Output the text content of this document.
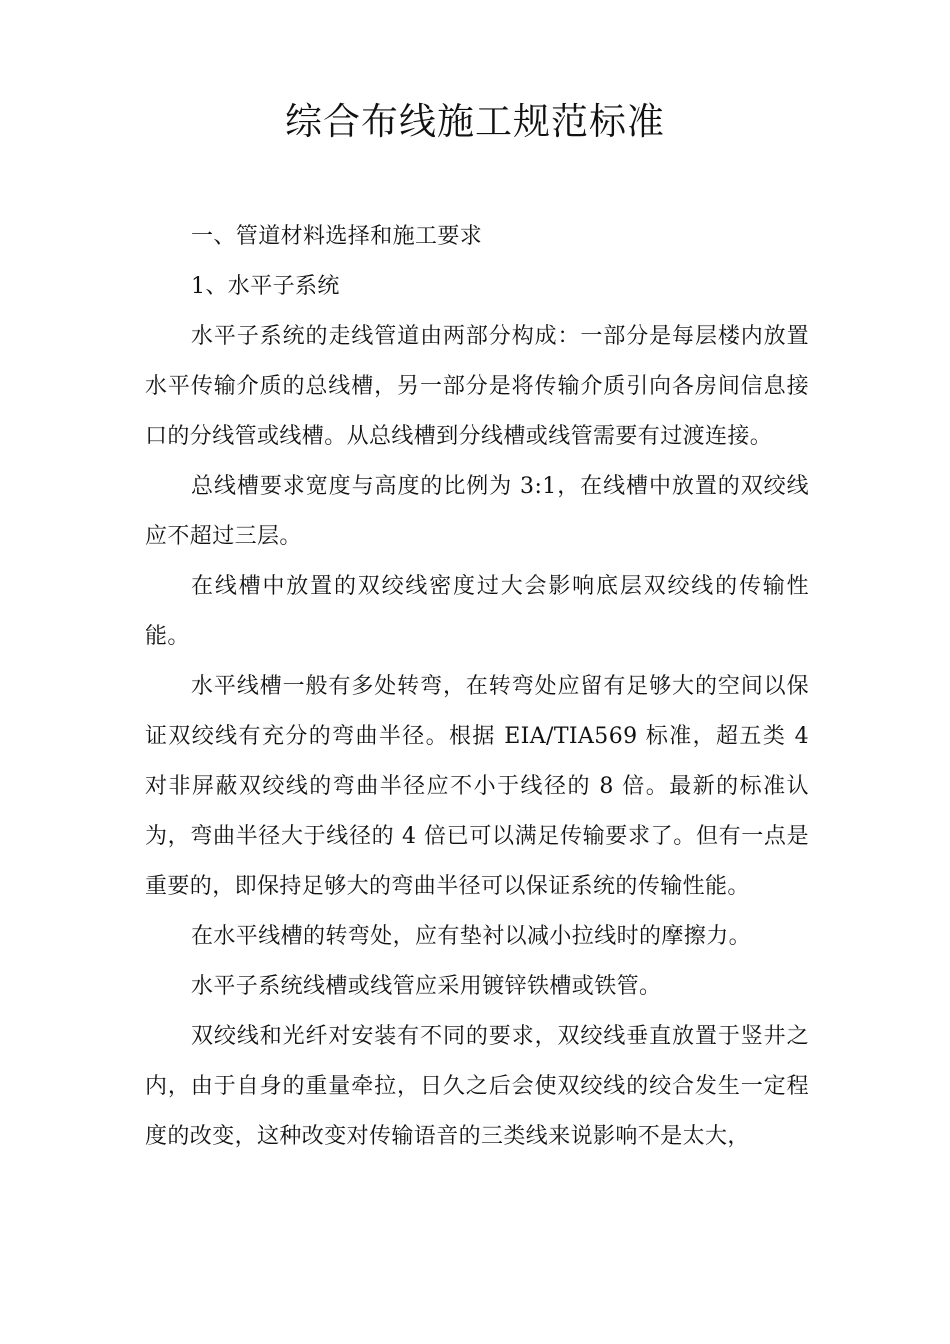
综合布线施工规范标准

一、管道材料选择和施工要求

1、水平子系统

水平子系统的走线管道由两部分构成：一部分是每层楼内放置水平传输介质的总线槽，另一部分是将传输介质引向各房间信息接口的分线管或线槽。从总线槽到分线槽或线管需要有过渡连接。

总线槽要求宽度与高度的比例为 3:1，在线槽中放置的双绞线应不超过三层。

在线槽中放置的双绞线密度过大会影响底层双绞线的传输性能。

水平线槽一般有多处转弯，在转弯处应留有足够大的空间以保证双绞线有充分的弯曲半径。根据 EIA/TIA569 标准，超五类 4 对非屏蔽双绞线的弯曲半径应不小于线径的 8 倍。最新的标准认为，弯曲半径大于线径的 4 倍已可以满足传输要求了。但有一点是重要的，即保持足够大的弯曲半径可以保证系统的传输性能。

在水平线槽的转弯处，应有垫衬以减小拉线时的摩擦力。

水平子系统线槽或线管应采用镀锌铁槽或铁管。

双绞线和光纤对安装有不同的要求，双绞线垂直放置于竖井之内，由于自身的重量牵拉，日久之后会使双绞线的绞合发生一定程度的改变，这种改变对传输语音的三类线来说影响不是太大，
